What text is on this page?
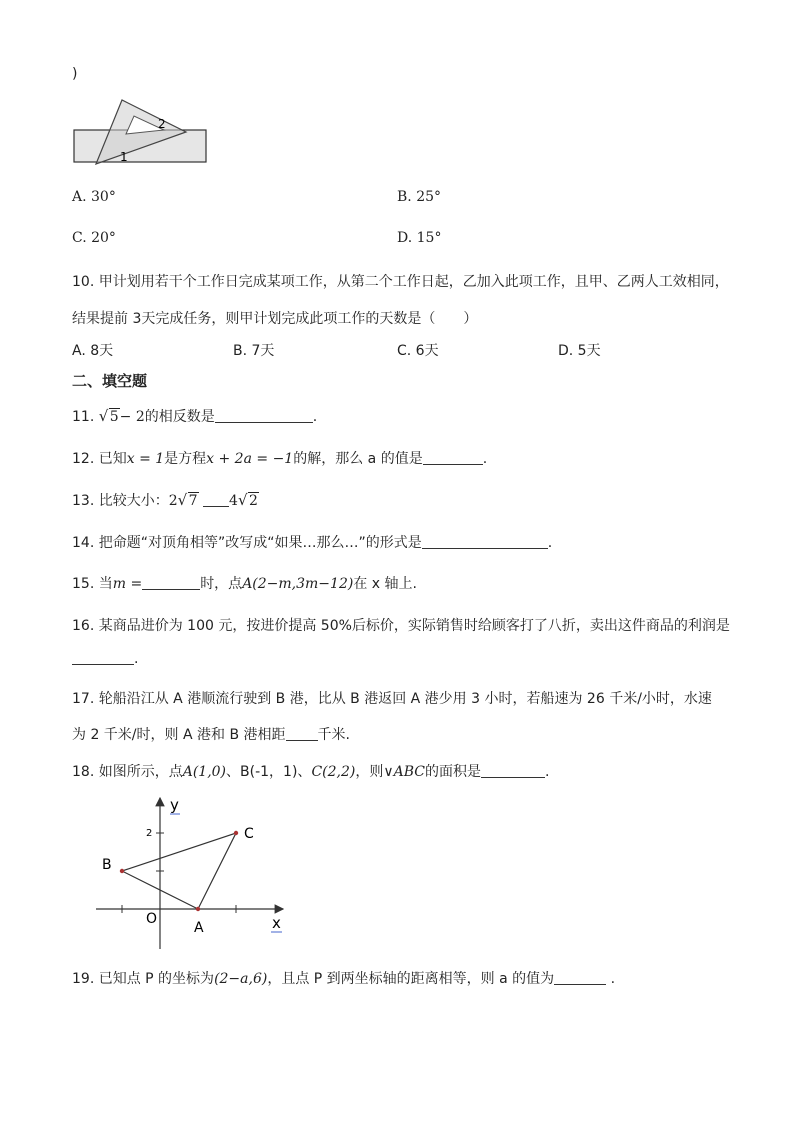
)
2
1
A. 30°	B. 25°
C. 20°	D. 15°
10. 甲计划用若干个工作日完成某项工作，从第二个工作日起，乙加入此项工作，且甲、乙两人工效相同，
结果提前 3天完成任务，则甲计划完成此项工作的天数是（　　）
A. 8天	B. 7天	C. 6天	D. 5天
二、填空题
11. √ 5− 2的相反数是	.
12. 已知x = 1是方程x + 2a = −1的解，那么 a 的值是	.
13. 比较大小：2 √ 7 4 √ 2
14. 把命题“对顶角相等”改写成“如果…那么…”的形式是	.
15. 当m =	时，点A(2−m,3m−12)在 x 轴上.
16. 某商品进价为 100 元，按进价提高 50%后标价，实际销售时给顾客打了八折，卖出这件商品的利润是
.
17. 轮船沿江从 A 港顺流行驶到 B 港，比从 B 港返回 A 港少用 3 小时，若船速为 26 千米/小时，水速
为 2 千米/时，则 A 港和 B 港相距 千米.
18. 如图所示，点A(1,0)、B(-1，1)、C(2,2)，则∨ABC的面积是	.
y
x
2
O
A
B
C
19. 已知点 P 的坐标为(2−a,6)，且点 P 到两坐标轴的距离相等，则 a 的值为	.
